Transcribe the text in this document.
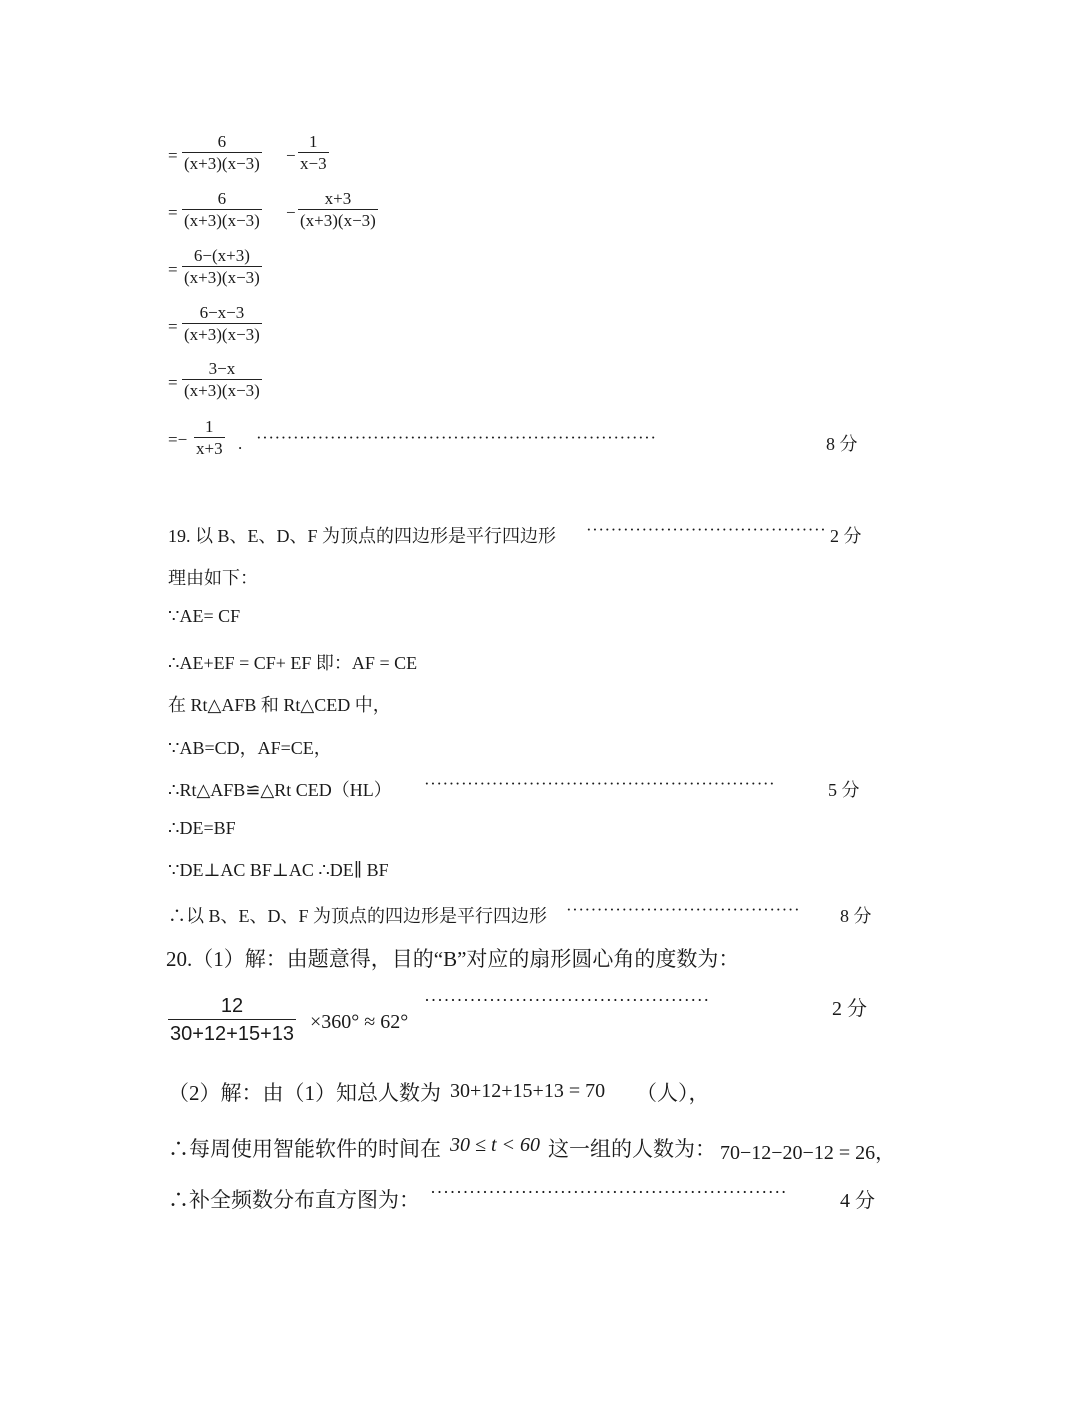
= $\frac{6}{(x+3)(x-3)} - \frac{1}{x-3}$
= $\frac{6}{(x+3)(x-3)} - \frac{x+3}{(x+3)(x-3)}$
= $\frac{6-(x+3)}{(x+3)(x-3)}$
= $\frac{6-x-3}{(x+3)(x-3)}$
= $\frac{3-x}{(x+3)(x-3)}$
=− $\frac{1}{x+3}$ . ·································································	8 分
19. 以 B、E、D、F 为顶点的四边形是平行四边形 ······································· 2 分
理由如下：
∵AE= CF
∴AE+EF = CF+ EF 即：AF = CE
在 Rt△AFB 和 Rt△CED 中，
∵AB=CD，AF=CE，
∴Rt△AFB≌△Rt CED（HL） ·························································	5 分
∴DE=BF
∵DE⊥AC BF⊥AC ∴DE∥ BF
∴以 B、E、D、F 为顶点的四边形是平行四边形 ······································ 8 分
20.（1）解：由题意得，目的“B”对应的扇形圆心角的度数为：
$\frac{12}{30+12+15+13} \times 360^\circ \approx 62^\circ$
············································	2 分
（2）解：由（1）知总人数为 30+12+15+13 = 70 （人），
∴每周使用智能软件的时间在 30 ≤ t < 60 这一组的人数为： 70−12−20−12 = 26，
∴补全频数分布直方图为： ·······················································	4 分
